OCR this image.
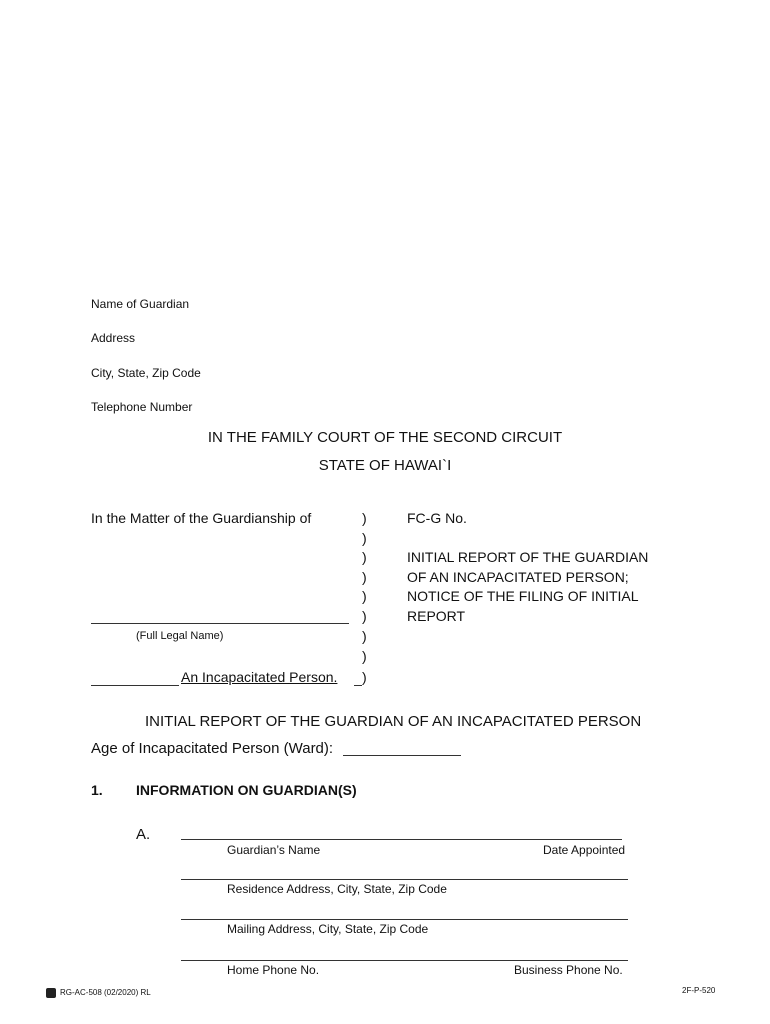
Name of Guardian
Address
City, State, Zip Code
Telephone Number
IN THE FAMILY COURT OF THE SECOND CIRCUIT
STATE OF HAWAI`I
In the Matter of the Guardianship of
(Full Legal Name)
An Incapacitated Person.
)
)
)
)
)
)
)
)
)
FC-G No.
INITIAL REPORT OF THE GUARDIAN
OF AN INCAPACITATED PERSON;
NOTICE OF THE FILING OF INITIAL
REPORT
INITIAL REPORT OF THE GUARDIAN OF AN INCAPACITATED PERSON
Age of Incapacitated Person (Ward):
1. INFORMATION ON GUARDIAN(S)
A.
Guardian’s Name	Date Appointed
Residence Address, City, State, Zip Code
Mailing Address, City, State, Zip Code
Home Phone No.	Business Phone No.
RG-AC-508 (02/2020) RL	2F-P-520
